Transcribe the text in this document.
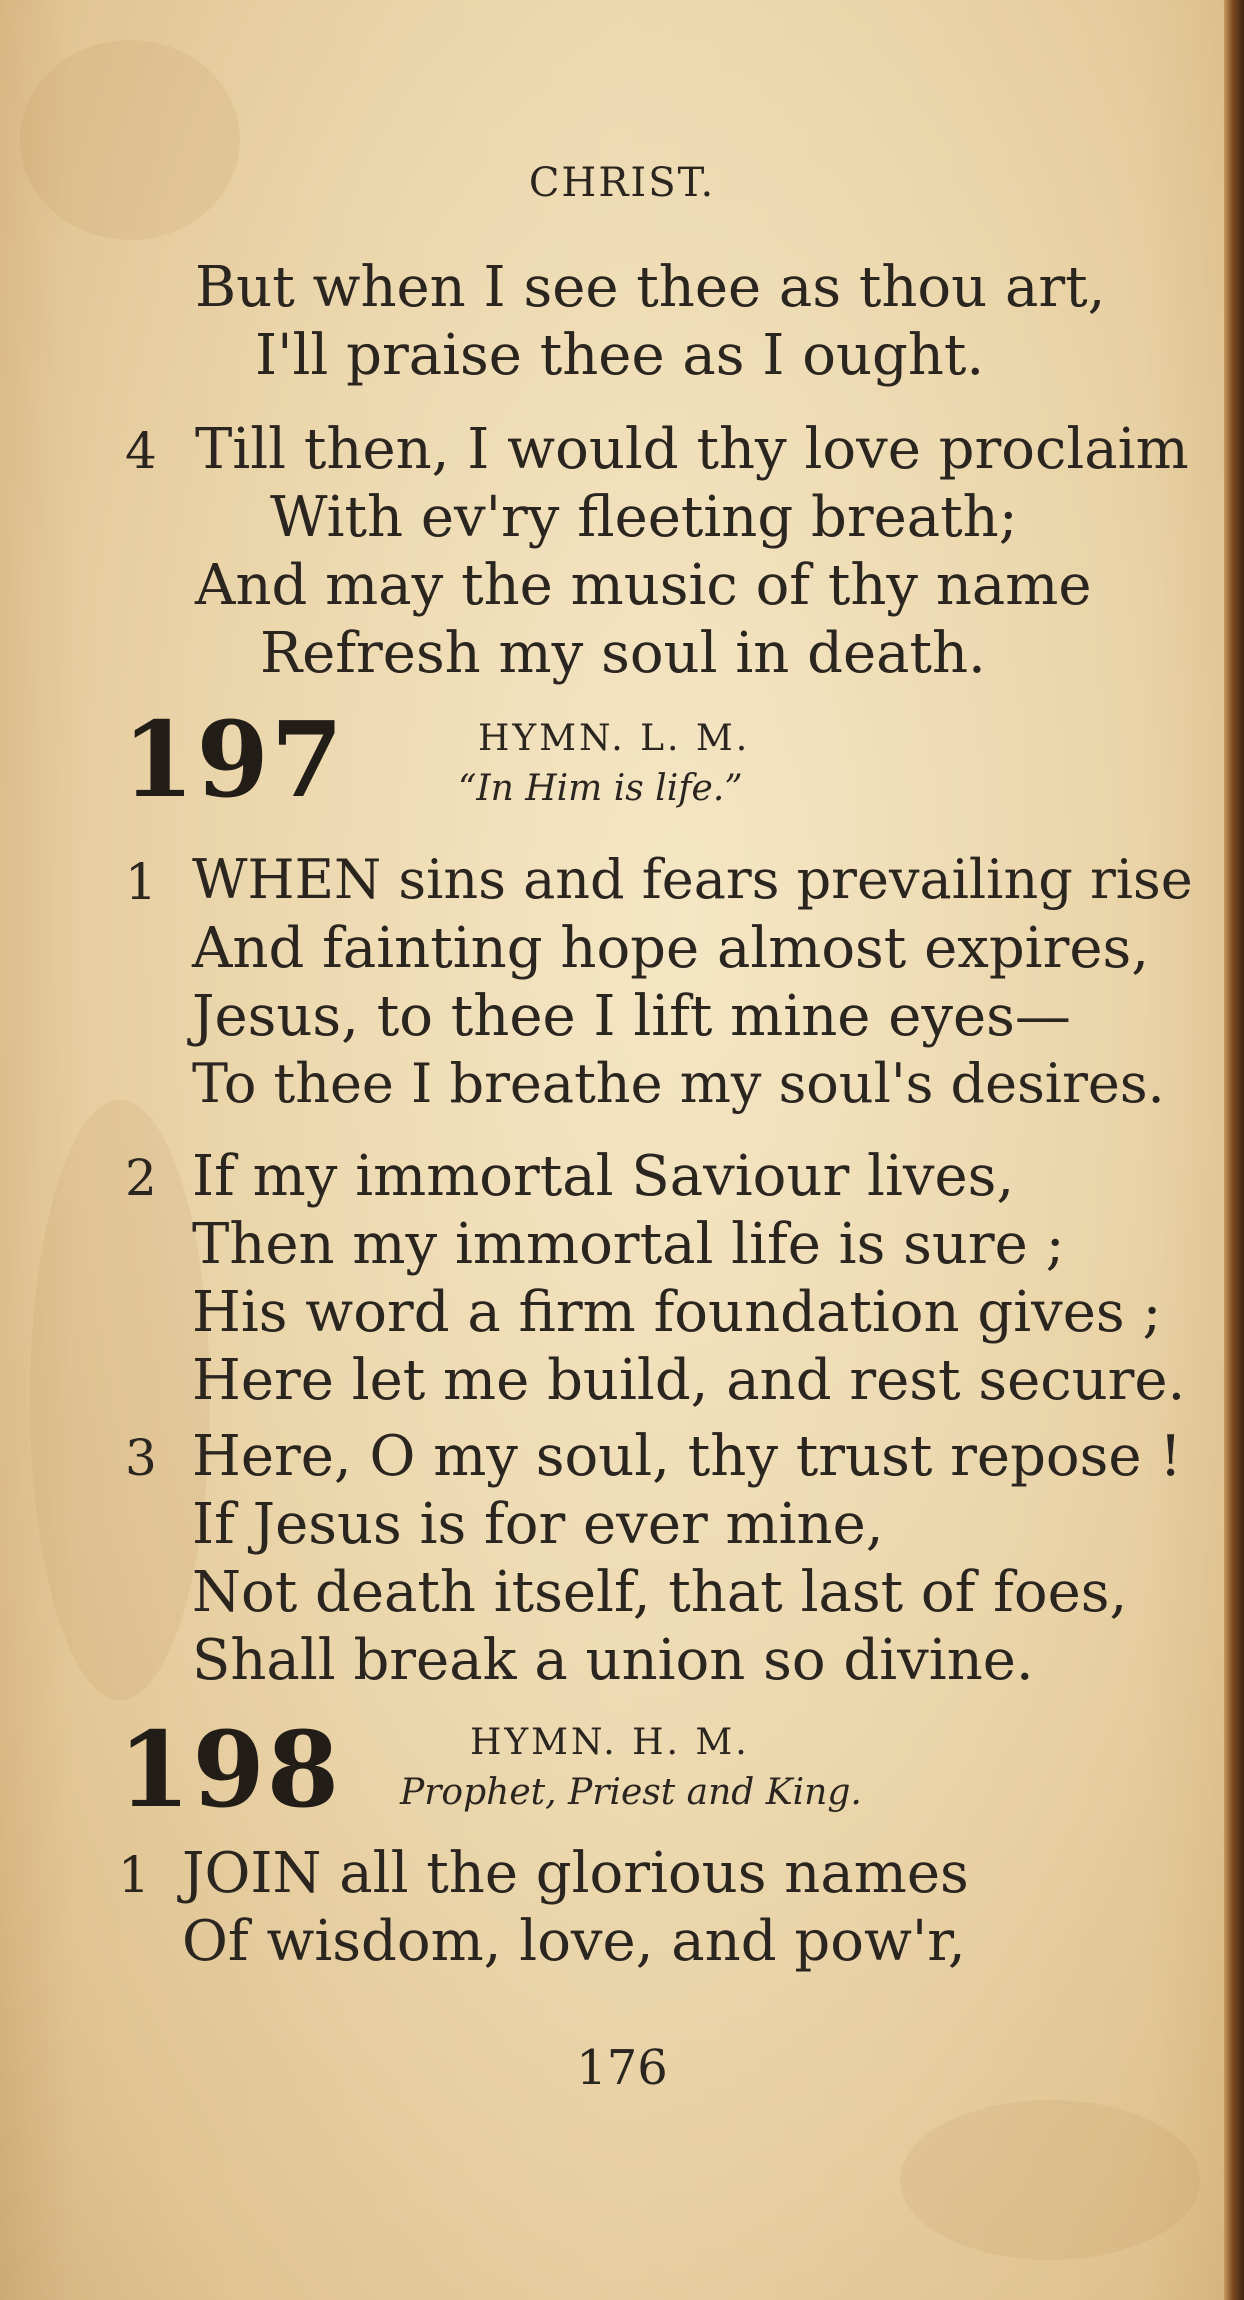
CHRIST.
But when I see thee as thou art,
I'll praise thee as I ought.
4 Till then, I would thy love proclaim
With ev'ry fleeting breath;
And may the music of thy name
Refresh my soul in death.
197	HYMN. L. M.
“In Him is life.”
1 WHEN sins and fears prevailing rise
And fainting hope almost expires,
Jesus, to thee I lift mine eyes—
To thee I breathe my soul's desires.
2 If my immortal Saviour lives,
Then my immortal life is sure ;
His word a firm foundation gives ;
Here let me build, and rest secure.
3 Here, O my soul, thy trust repose !
If Jesus is for ever mine,
Not death itself, that last of foes,
Shall break a union so divine.
198	HYMN. H. M.
Prophet, Priest and King.
1 JOIN all the glorious names
Of wisdom, love, and pow'r,
176
